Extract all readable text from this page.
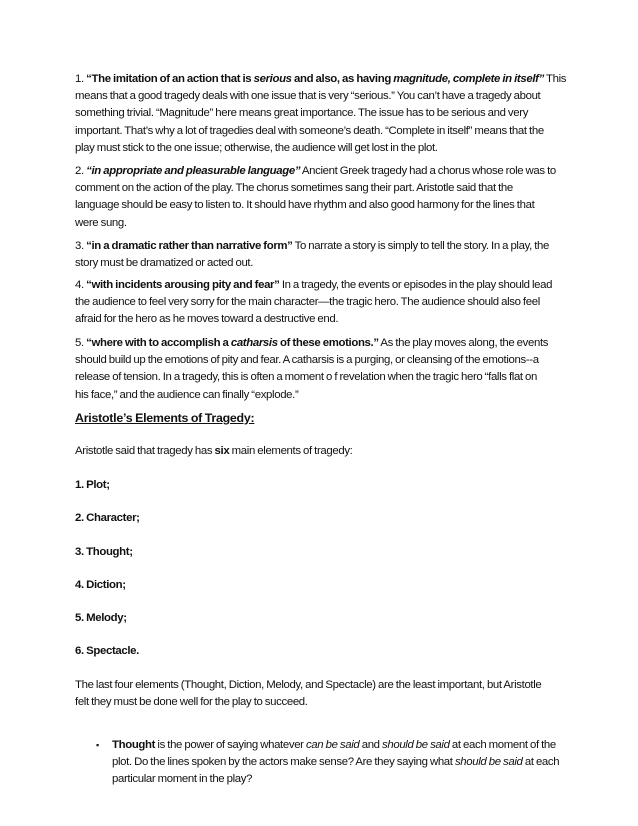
1. “The imitation of an action that is serious and also, as having magnitude, complete in itself” This
means that a good tragedy deals with one issue that is very “serious.” You can’t have a tragedy about
something trivial. “Magnitude” here means great importance. The issue has to be serious and very
important. That’s why a lot of tragedies deal with someone’s death. “Complete in itself” means that the
play must stick to the one issue; otherwise, the audience will get lost in the plot.
2. “in appropriate and pleasurable language” Ancient Greek tragedy had a chorus whose role was to
comment on the action of the play. The chorus sometimes sang their part. Aristotle said that the
language should be easy to listen to. It should have rhythm and also good harmony for the lines that
were sung.
3. “in a dramatic rather than narrative form” To narrate a story is simply to tell the story. In a play, the
story must be dramatized or acted out.
4. “with incidents arousing pity and fear” In a tragedy, the events or episodes in the play should lead
the audience to feel very sorry for the main character—the tragic hero. The audience should also feel
afraid for the hero as he moves toward a destructive end.
5. “where with to accomplish a catharsis of these emotions.” As the play moves along, the events
should build up the emotions of pity and fear. A catharsis is a purging, or cleansing of the emotions--a
release of tension. In a tragedy, this is often a moment o f revelation when the tragic hero “falls flat on
his face,” and the audience can finally “explode.”
Aristotle’s Elements of Tragedy:
Aristotle said that tragedy has six main elements of tragedy:
1. Plot;
2. Character;
3. Thought;
4. Diction;
5. Melody;
6. Spectacle.
The last four elements (Thought, Diction, Melody, and Spectacle) are the least important, but Aristotle
felt they must be done well for the play to succeed.
▪ Thought is the power of saying whatever can be said and should be said at each moment of the
plot. Do the lines spoken by the actors make sense? Are they saying what should be said at each
particular moment in the play?
